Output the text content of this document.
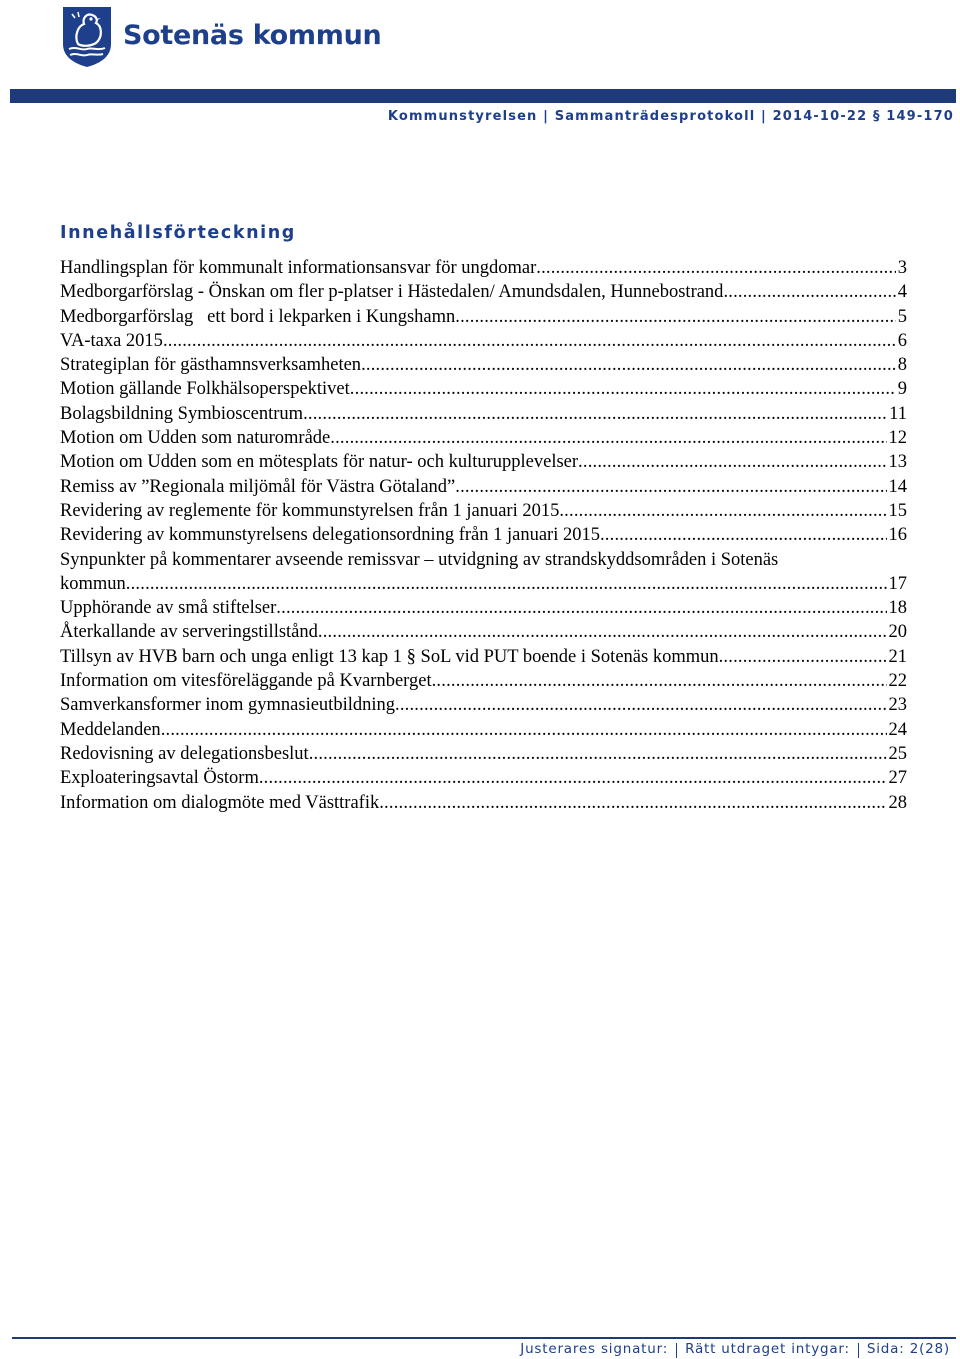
Sotenäs kommun
Kommunstyrelsen | Sammanträdesprotokoll | 2014-10-22 § 149-170
Innehållsförteckning
Handlingsplan för kommunalt informationsansvar för ungdomar .....	3
Medborgarförslag - Önskan om fler p-platser i Hästedalen/ Amundsdalen, Hunnebostrand .....	4
Medborgarförslag   ett bord i lekparken i Kungshamn .....	5
VA-taxa 2015 .....	6
Strategiplan för gästhamnsverksamheten .....	8
Motion gällande Folkhälsoperspektivet .....	9
Bolagsbildning Symbioscentrum .....	11
Motion om Udden som naturområde .....	12
Motion om Udden som en mötesplats för natur- och kulturupplevelser .....	13
Remiss av ”Regionala miljömål för Västra Götaland” .....	14
Revidering av reglemente för kommunstyrelsen från 1 januari 2015 .....	15
Revidering av kommunstyrelsens delegationsordning från 1 januari 2015 .....	16
Synpunkter på kommentarer avseende remissvar – utvidgning av strandskyddsområden i Sotenäs
kommun .....	17
Upphörande av små stiftelser .....	18
Återkallande av serveringstillstånd .....	20
Tillsyn av HVB barn och unga enligt 13 kap 1 § SoL vid PUT boende i Sotenäs kommun .....	21
Information om vitesföreläggande på Kvarnberget .....	22
Samverkansformer inom gymnasieutbildning .....	23
Meddelanden .....	24
Redovisning av delegationsbeslut .....	25
Exploateringsavtal Östorm .....	27
Information om dialogmöte med Västtrafik .....	28
Justerares signatur: Rätt utdraget intygar: Sida: 2(28)
